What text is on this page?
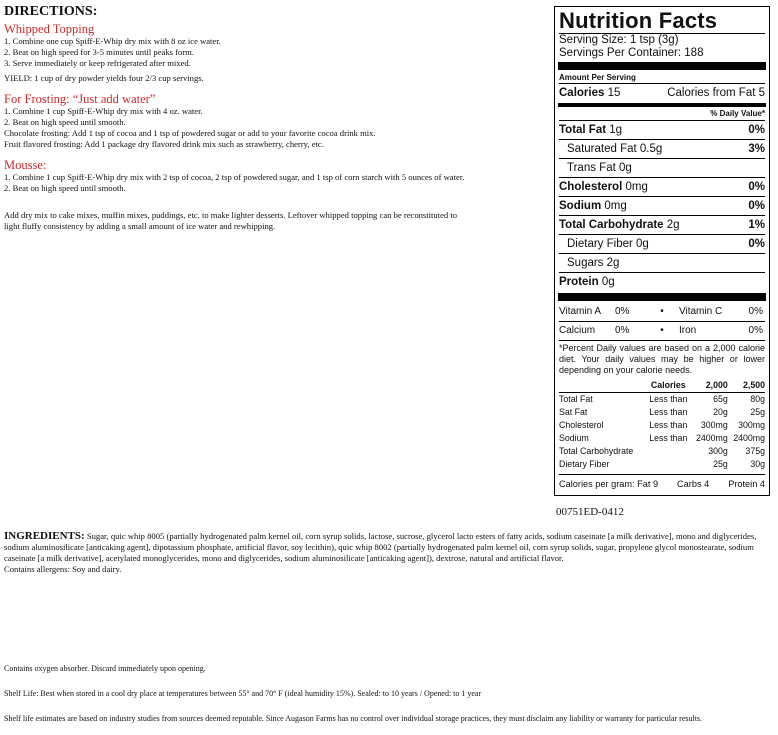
DIRECTIONS:
Whipped Topping
1. Combine one cup Spiff-E-Whip dry mix with 8 oz ice water.
2. Beat on high speed for 3-5 minutes until peaks form.
3. Serve immediately or keep refrigerated after mixed.
YIELD: 1 cup of dry powder yields four 2/3 cup servings.
For Frosting: “Just add water”
1. Combine 1 cup Spiff-E-Whip dry mix with 4 oz. water.
2. Beat on high speed until smooth.
Chocolate frosting: Add 1 tsp of cocoa and 1 tsp of powdered sugar or add to your favorite cocoa drink mix.
Fruit flavored frosting: Add 1 package dry flavored drink mix such as strawberry, cherry, etc.
Mousse:
1. Combine 1 cup Spiff-E-Whip dry mix with 2 tsp of cocoa, 2 tsp of powdered sugar, and 1 tsp of corn starch with 5 ounces of water.
2. Beat on high speed until smooth.
Add dry mix to cake mixes, muffin mixes, puddings, etc. to make lighter desserts. Leftover whipped topping can be reconstituted to
light fluffy consistency by adding a small amount of ice water and rewhipping.
Nutrition Facts
Serving Size: 1 tsp (3g)
Servings Per Container: 188
Amount Per Serving
Calories 15	Calories from Fat 5
% Daily Value*
Total Fat 1g	0%
Saturated Fat 0.5g	3%
Trans Fat 0g
Cholesterol 0mg	0%
Sodium 0mg	0%
Total Carbohydrate 2g	1%
Dietary Fiber 0g	0%
Sugars 2g
Protein 0g
Vitamin A	0%	•	Vitamin C	0%
Calcium	0%	•	Iron	0%
*Percent Daily values are based on a 2,000 calorie diet. Your daily values may be higher or lower depending on your calorie needs.
	Calories	2,000	2,500
Total Fat	Less than	65g	80g
Sat Fat	Less than	20g	25g
Cholesterol	Less than	300mg	300mg
Sodium	Less than	2400mg	2400mg
Total Carbohydrate		300g	375g
Dietary Fiber		25g	30g
Calories per gram: Fat 9 Carbs 4 Protein 4
00751ED-0412
INGREDIENTS: Sugar, quic whip 8005 (partially hydrogenated palm kernel oil, corn syrup solids, lactose, sucrose, glycerol lacto esters of fatty acids, sodium caseinate [a milk derivative], mono and diglycerides, sodium aluminosilicate [anticaking agent], dipotassium phosphate, artificial flavor, soy lecithin), quic whip 8002 (partially hydrogenated palm kernel oil, corn syrup solids, sugar, propylene glycol monostearate, sodium caseinate [a milk derivative], acetylated monoglycerides, mono and diglycerides, sodium aluminosilicate [anticaking agent]), dextrose, natural and artificial flavor.
Contains allergens: Soy and dairy.
Contains oxygen absorber. Discard immediately upon opening.
Shelf Life: Best when stored in a cool dry place at temperatures between 55° and 70° F (ideal humidity 15%). Sealed: to 10 years / Opened: to 1 year
Shelf life estimates are based on industry studies from sources deemed reputable. Since Augason Farms has no control over individual storage practices, they must disclaim any liability or warranty for particular results.
